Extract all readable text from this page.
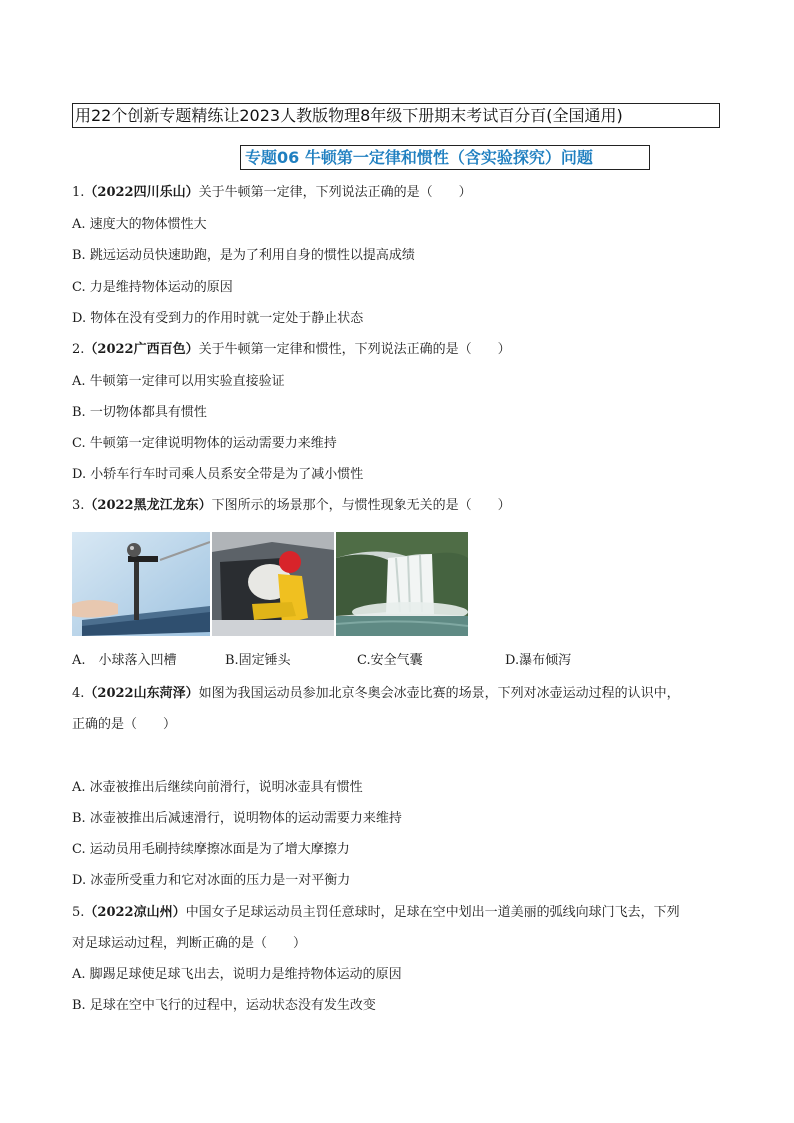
用22个创新专题精练让2023人教版物理8年级下册期末考试百分百(全国通用)
专题06 牛顿第一定律和惯性（含实验探究）问题
1.（2022四川乐山）关于牛顿第一定律，下列说法正确的是（　　）
A. 速度大的物体惯性大
B. 跳远运动员快速助跑，是为了利用自身的惯性以提高成绩
C. 力是维持物体运动的原因
D. 物体在没有受到力的作用时就一定处于静止状态
2.（2022广西百色）关于牛顿第一定律和惯性，下列说法正确的是（　　）
A. 牛顿第一定律可以用实验直接验证
B. 一切物体都具有惯性
C. 牛顿第一定律说明物体的运动需要力来维持
D. 小轿车行车时司乘人员系安全带是为了减小惯性
3.（2022黑龙江龙东）下图所示的场景那个，与惯性现象无关的是（　　）
A.　小球落入凹槽	B.固定锤头	C.安全气囊	D.瀑布倾泻
4.（2022山东菏泽）如图为我国运动员参加北京冬奥会冰壶比赛的场景，下列对冰壶运动过程的认识中，
正确的是（　　）
A. 冰壶被推出后继续向前滑行，说明冰壶具有惯性
B. 冰壶被推出后减速滑行，说明物体的运动需要力来维持
C. 运动员用毛刷持续摩擦冰面是为了增大摩擦力
D. 冰壶所受重力和它对冰面的压力是一对平衡力
5.（2022凉山州）中国女子足球运动员主罚任意球时，足球在空中划出一道美丽的弧线向球门飞去，下列
对足球运动过程，判断正确的是（　　）
A. 脚踢足球使足球飞出去，说明力是维持物体运动的原因
B. 足球在空中飞行的过程中，运动状态没有发生改变
